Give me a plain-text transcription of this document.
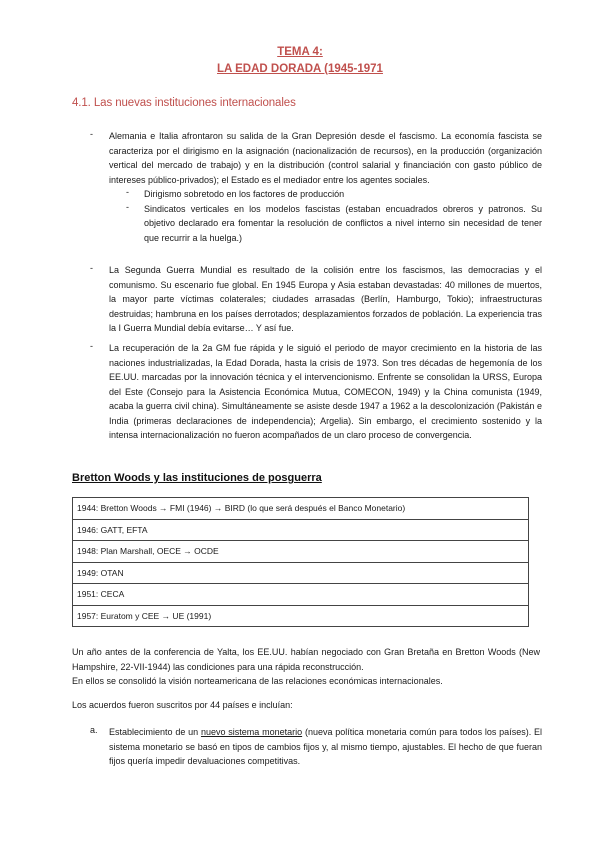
TEMA 4:
LA EDAD DORADA (1945-1971
4.1. Las nuevas instituciones internacionales
- Alemania e Italia afrontaron su salida de la Gran Depresión desde el fascismo. La economía fascista se caracteriza por el dirigismo en la asignación (nacionalización de recursos), en la producción (organización vertical del mercado de trabajo) y en la distribución (control salarial y financiación con gasto público de intereses público-privados); el Estado es el mediador entre los agentes sociales.
- Dirigismo sobretodo en los factores de producción
- Sindicatos verticales en los modelos fascistas (estaban encuadrados obreros y patronos. Su objetivo declarado era fomentar la resolución de conflictos a nivel interno sin necesidad de tener que recurrir a la huelga.)
- La Segunda Guerra Mundial es resultado de la colisión entre los fascismos, las democracias y el comunismo. Su escenario fue global. En 1945 Europa y Asia estaban devastadas: 40 millones de muertos, la mayor parte víctimas colaterales; ciudades arrasadas (Berlín, Hamburgo, Tokio); infraestructuras destruidas; hambruna en los países derrotados; desplazamientos forzados de población. La experiencia tras la I Guerra Mundial debía evitarse… Y así fue.
- La recuperación de la 2a GM fue rápida y le siguió el periodo de mayor crecimiento en la historia de las naciones industrializadas, la Edad Dorada, hasta la crisis de 1973. Son tres décadas de hegemonía de los EE.UU. marcadas por la innovación técnica y el intervencionismo. Enfrente se consolidan la URSS, Europa del Este (Consejo para la Asistencia Económica Mutua, COMECON, 1949) y la China comunista (1949, acaba la guerra civil china). Simultáneamente se asiste desde 1947 a 1962 a la descolonización (Pakistán e India (primeras declaraciones de independencia); Argelia). Sin embargo, el crecimiento sostenido y la intensa internacionalización no fueron acompañados de un claro proceso de convergencia.
Bretton Woods y las instituciones de posguerra
1944: Bretton Woods → FMI (1946) → BIRD (lo que será después el Banco Monetario)
1946: GATT, EFTA
1948: Plan Marshall, OECE → OCDE
1949: OTAN
1951: CECA
1957: Euratom y CEE → UE (1991)
Un año antes de la conferencia de Yalta, los EE.UU. habían negociado con Gran Bretaña en Bretton Woods (New Hampshire, 22-VII-1944) las condiciones para una rápida reconstrucción.
En ellos se consolidó la visión norteamericana de las relaciones económicas internacionales.
Los acuerdos fueron suscritos por 44 países e incluían:
a. Establecimiento de un nuevo sistema monetario (nueva política monetaria común para todos los países). El sistema monetario se basó en tipos de cambios fijos y, al mismo tiempo, ajustables. El hecho de que fueran fijos quería impedir devaluaciones competitivas.
